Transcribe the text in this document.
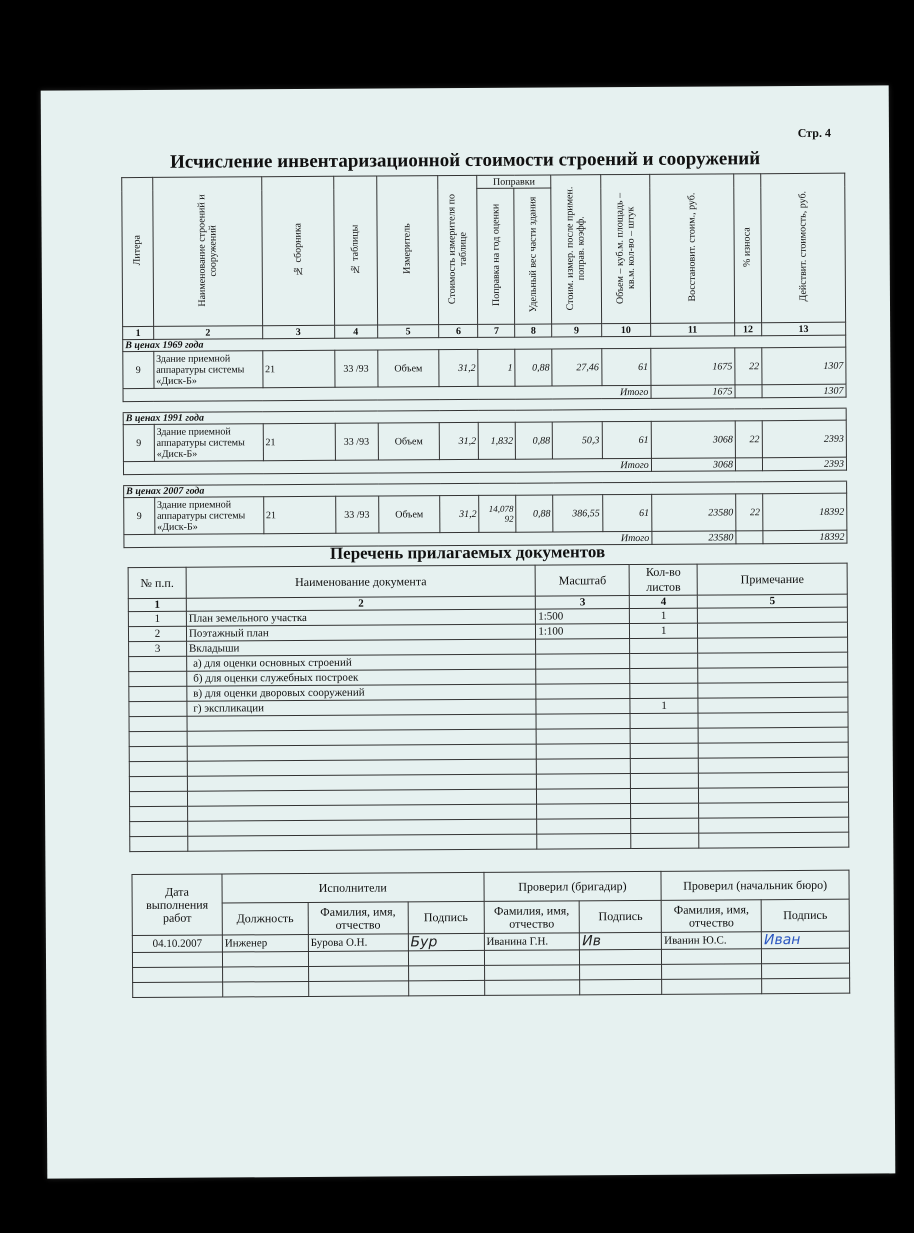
Стр. 4
Исчисление инвентаризационной стоимости строений и сооружений
Литера	Наименование строений и сооружений	№ сборника	№ таблицы	Измеритель	Стоимость измерителя по таблице	Поправки		Стоим. измер. после примен. поправ. коэфф.	Объем – куб.м. площадь – кв.м. кол-во – штук	Восстановит. стоим., руб.	% износа	Действит. стоимость, руб.
						Поправка на год оценки	Удельный вес части здания					
1	2	3	4	5	6	7	8	9	10	11	12	13
В ценах 1969 года												
9	Здание приемной аппаратуры системы «Диск-Б»	21	33 /93	Объем	31,2	1	0,88	27,46	61	1675	22	1307
Итого										1675		1307

В ценах 1991 года												
9	Здание приемной аппаратуры системы «Диск-Б»	21	33 /93	Объем	31,2	1,832	0,88	50,3	61	3068	22	2393
Итого										3068		2393

В ценах 2007 года												
9	Здание приемной аппаратуры системы «Диск-Б»	21	33 /93	Объем	31,2	14,078 92	0,88	386,55	61	23580	22	18392
Итого										23580		18392
Перечень прилагаемых документов
№ п.п.	Наименование документа	Масштаб	Кол-во листов	Примечание
1	2	3	4	5
1	План земельного участка	1:500	1	
2	Поэтажный план	1:100	1	
3	Вкладыши			
	а) для оценки основных строений			
	б) для оценки служебных построек			
	в) для оценки дворовых сооружений			
	г) экспликации		1	

Дата выполнения работ	Исполнители			Проверил (бригадир)		Проверил (начальник бюро)	
	Должность	Фамилия, имя, отчество	Подпись	Фамилия, имя, отчество	Подпись	Фамилия, имя, отчество	Подпись
04.10.2007	Инженер	Бурова О.Н.	Бур	Иванина Г.Н.	Ив	Иванин Ю.С.	Иван
